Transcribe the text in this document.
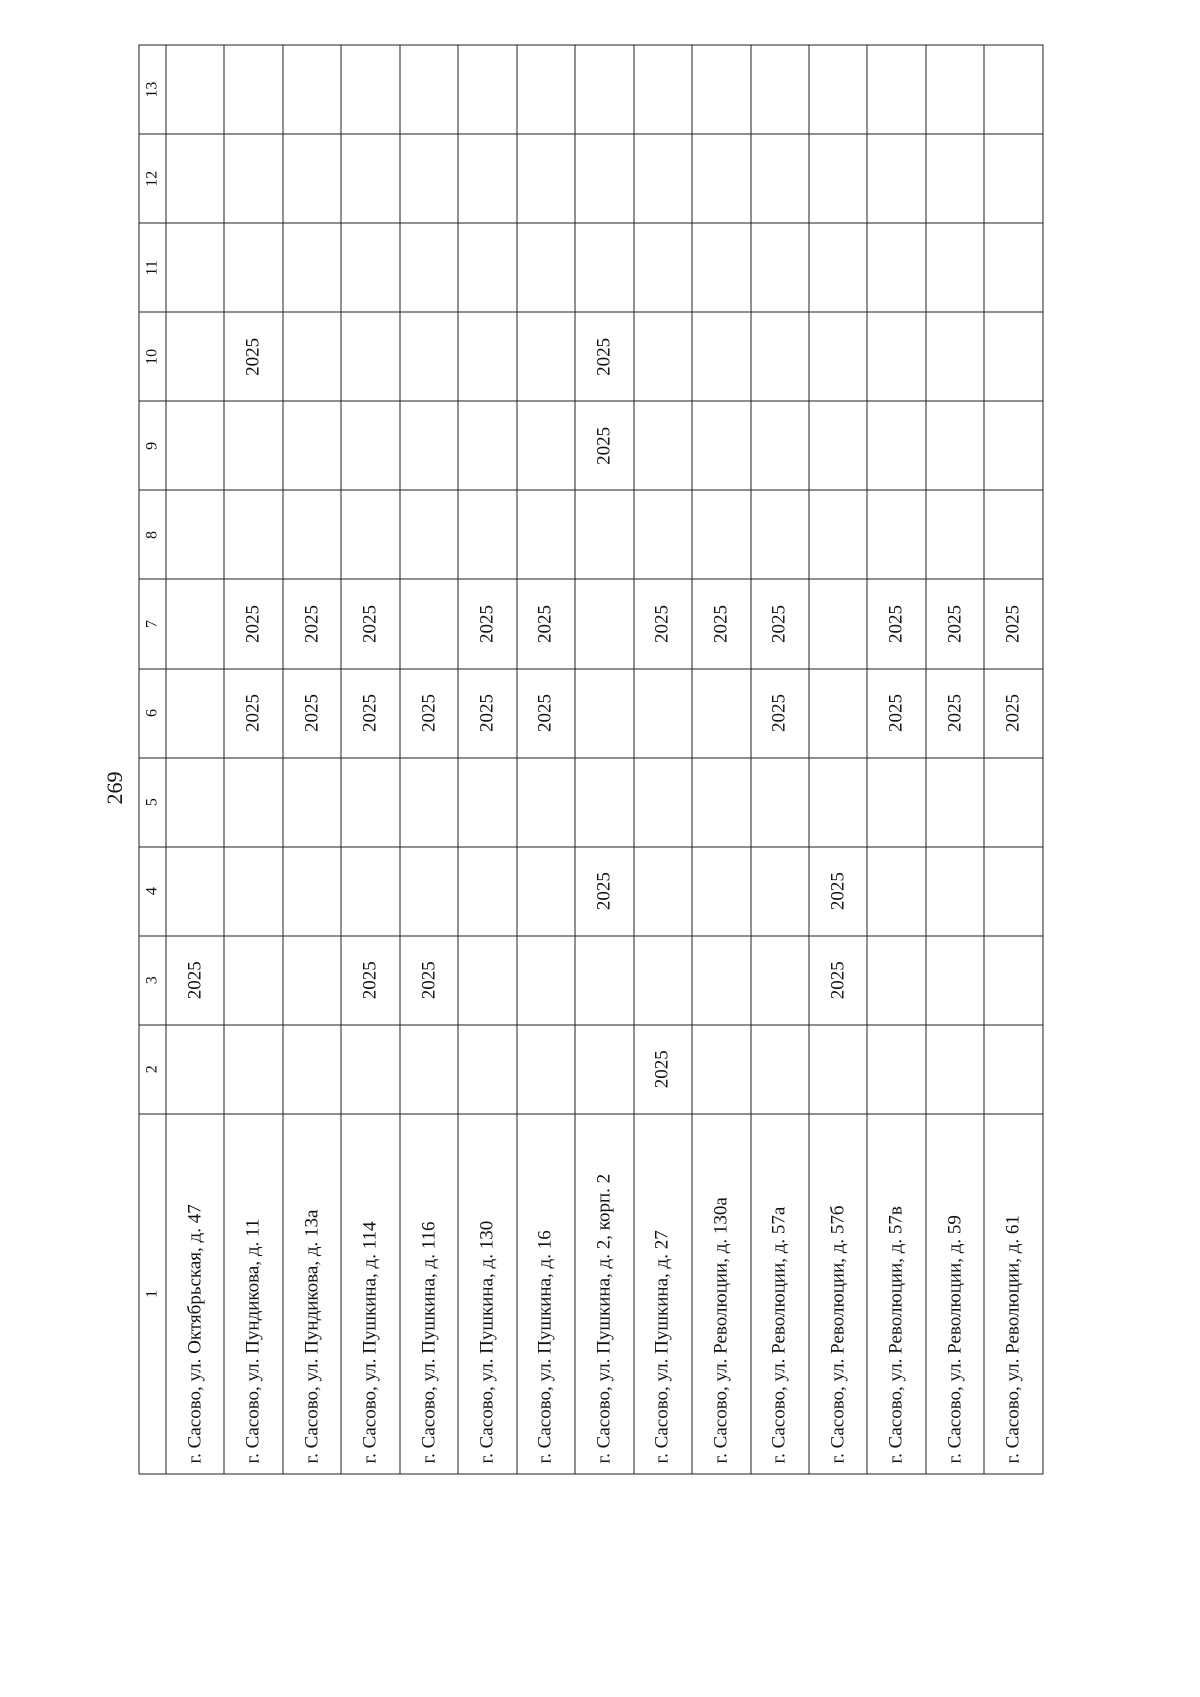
269
1	2	3	4	5	6	7	8	9	10	11	12	13
г. Сасово, ул. Октябрьская, д. 47		2025										
г. Сасово, ул. Пундикова, д. 11					2025	2025			2025			
г. Сасово, ул. Пундикова, д. 13а					2025	2025						
г. Сасово, ул. Пушкина, д. 114		2025			2025	2025						
г. Сасово, ул. Пушкина, д. 116		2025			2025							
г. Сасово, ул. Пушкина, д. 130					2025	2025						
г. Сасово, ул. Пушкина, д. 16					2025	2025						
г. Сасово, ул. Пушкина, д. 2, корп. 2			2025					2025	2025			
г. Сасово, ул. Пушкина, д. 27	2025					2025						
г. Сасово, ул. Революции, д. 130а						2025						
г. Сасово, ул. Революции, д. 57а					2025	2025						
г. Сасово, ул. Революции, д. 57б		2025	2025									
г. Сасово, ул. Революции, д. 57в					2025	2025						
г. Сасово, ул. Революции, д. 59					2025	2025						
г. Сасово, ул. Революции, д. 61					2025	2025						
